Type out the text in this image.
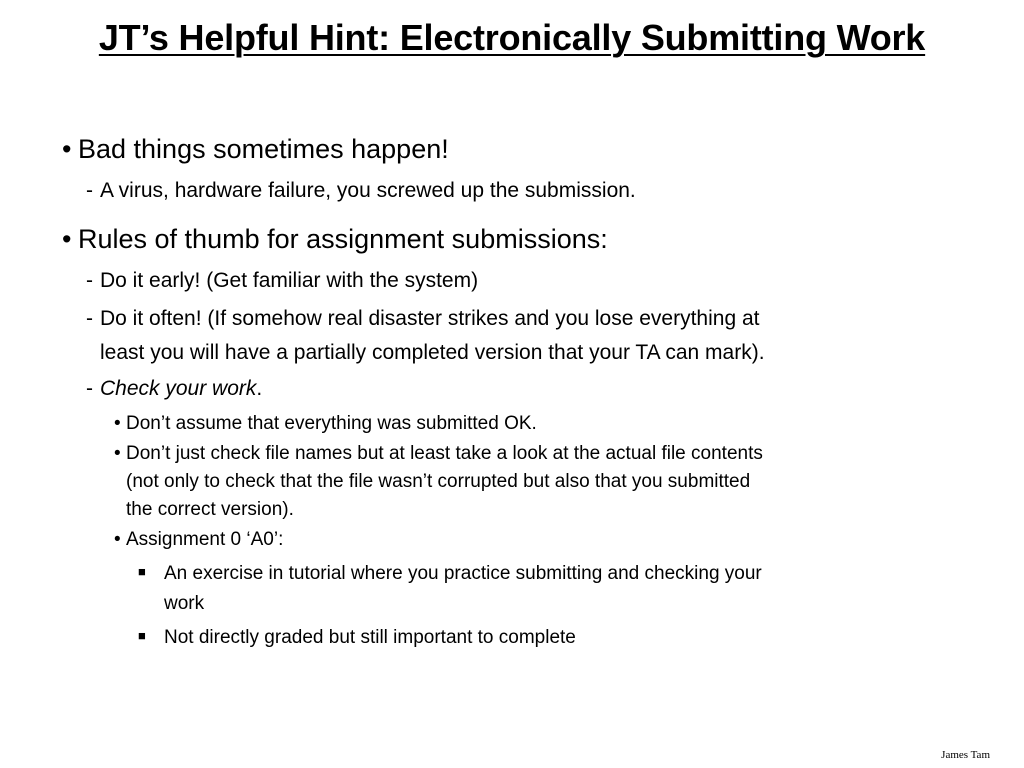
JT’s Helpful Hint: Electronically Submitting Work
• Bad things sometimes happen!
- A virus, hardware failure, you screwed up the submission.
• Rules of thumb for assignment submissions:
- Do it early! (Get familiar with the system)
- Do it often! (If somehow real disaster strikes and you lose everything at
least you will have a partially completed version that your TA can mark).
- Check your work.
• Don’t assume that everything was submitted OK.
• Don’t just check file names but at least take a look at the actual file contents
(not only to check that the file wasn’t corrupted but also that you submitted
the correct version).
• Assignment 0 ‘A0’:
■ An exercise in tutorial where you practice submitting and checking your
work
■ Not directly graded but still important to complete
James Tam
